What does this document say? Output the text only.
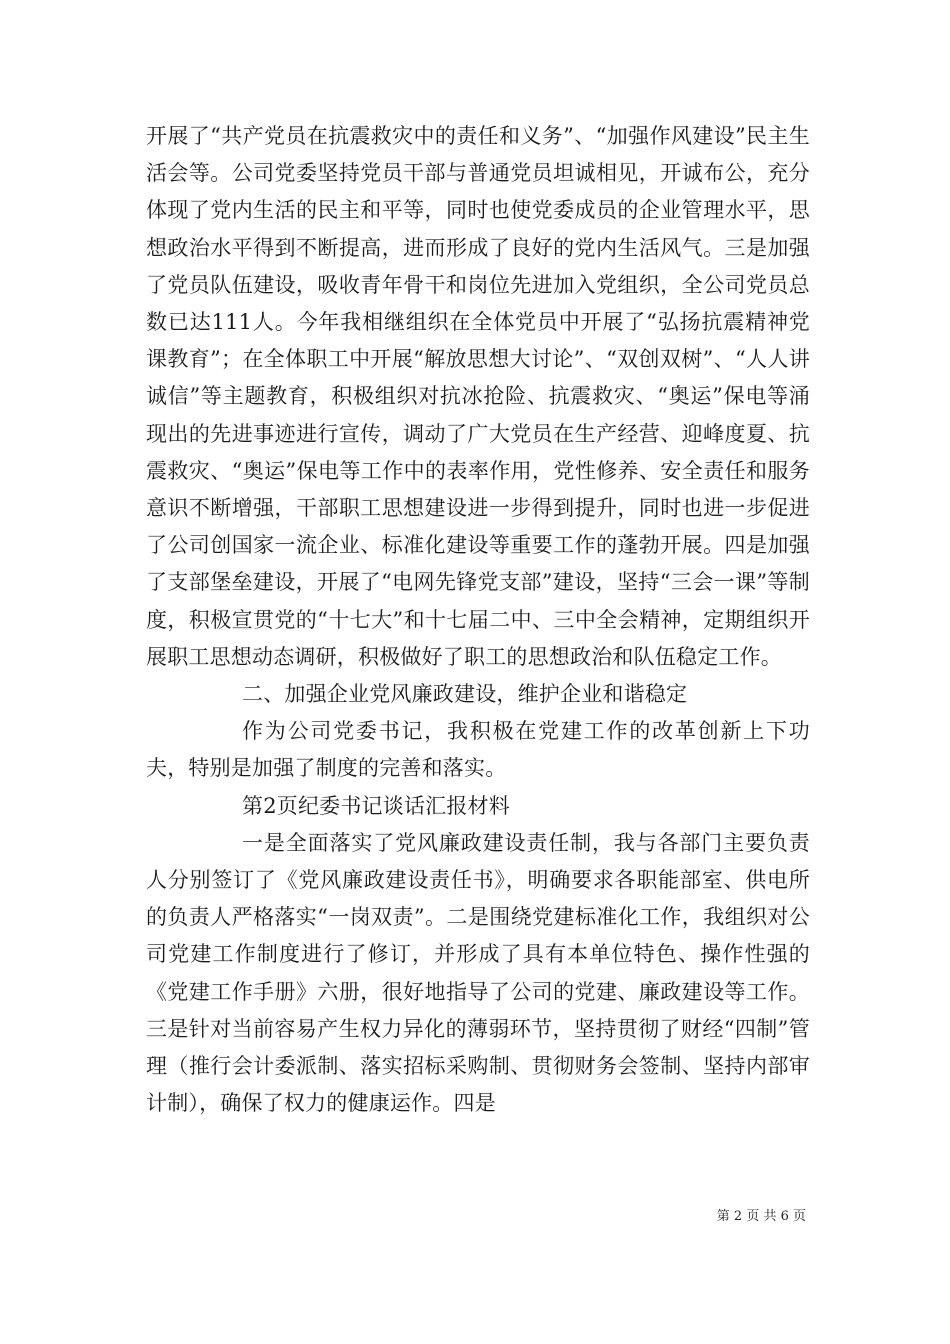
开展了“共产党员在抗震救灾中的责任和义务”、“加强作风建设”民主生活会等。公司党委坚持党员干部与普通党员坦诚相见，开诚布公，充分体现了党内生活的民主和平等，同时也使党委成员的企业管理水平，思想政治水平得到不断提高，进而形成了良好的党内生活风气。三是加强了党员队伍建设，吸收青年骨干和岗位先进加入党组织，全公司党员总数已达111人。今年我相继组织在全体党员中开展了“弘扬抗震精神党课教育”；在全体职工中开展“解放思想大讨论”、“双创双树”、“人人讲诚信”等主题教育，积极组织对抗冰抢险、抗震救灾、“奥运”保电等涌现出的先进事迹进行宣传，调动了广大党员在生产经营、迎峰度夏、抗震救灾、“奥运”保电等工作中的表率作用，党性修养、安全责任和服务意识不断增强，干部职工思想建设进一步得到提升，同时也进一步促进了公司创国家一流企业、标准化建设等重要工作的蓬勃开展。四是加强了支部堡垒建设，开展了“电网先锋党支部”建设，坚持“三会一课”等制度，积极宣贯党的“十七大”和十七届二中、三中全会精神，定期组织开展职工思想动态调研，积极做好了职工的思想政治和队伍稳定工作。

二、加强企业党风廉政建设，维护企业和谐稳定

作为公司党委书记，我积极在党建工作的改革创新上下功夫，特别是加强了制度的完善和落实。

第2页纪委书记谈话汇报材料

一是全面落实了党风廉政建设责任制，我与各部门主要负责人分别签订了《党风廉政建设责任书》，明确要求各职能部室、供电所的负责人严格落实“一岗双责”。二是围绕党建标准化工作，我组织对公司党建工作制度进行了修订，并形成了具有本单位特色、操作性强的《党建工作手册》六册，很好地指导了公司的党建、廉政建设等工作。三是针对当前容易产生权力异化的薄弱环节，坚持贯彻了财经“四制”管理（推行会计委派制、落实招标采购制、贯彻财务会签制、坚持内部审计制），确保了权力的健康运作。四是

第 2 页 共 6 页
